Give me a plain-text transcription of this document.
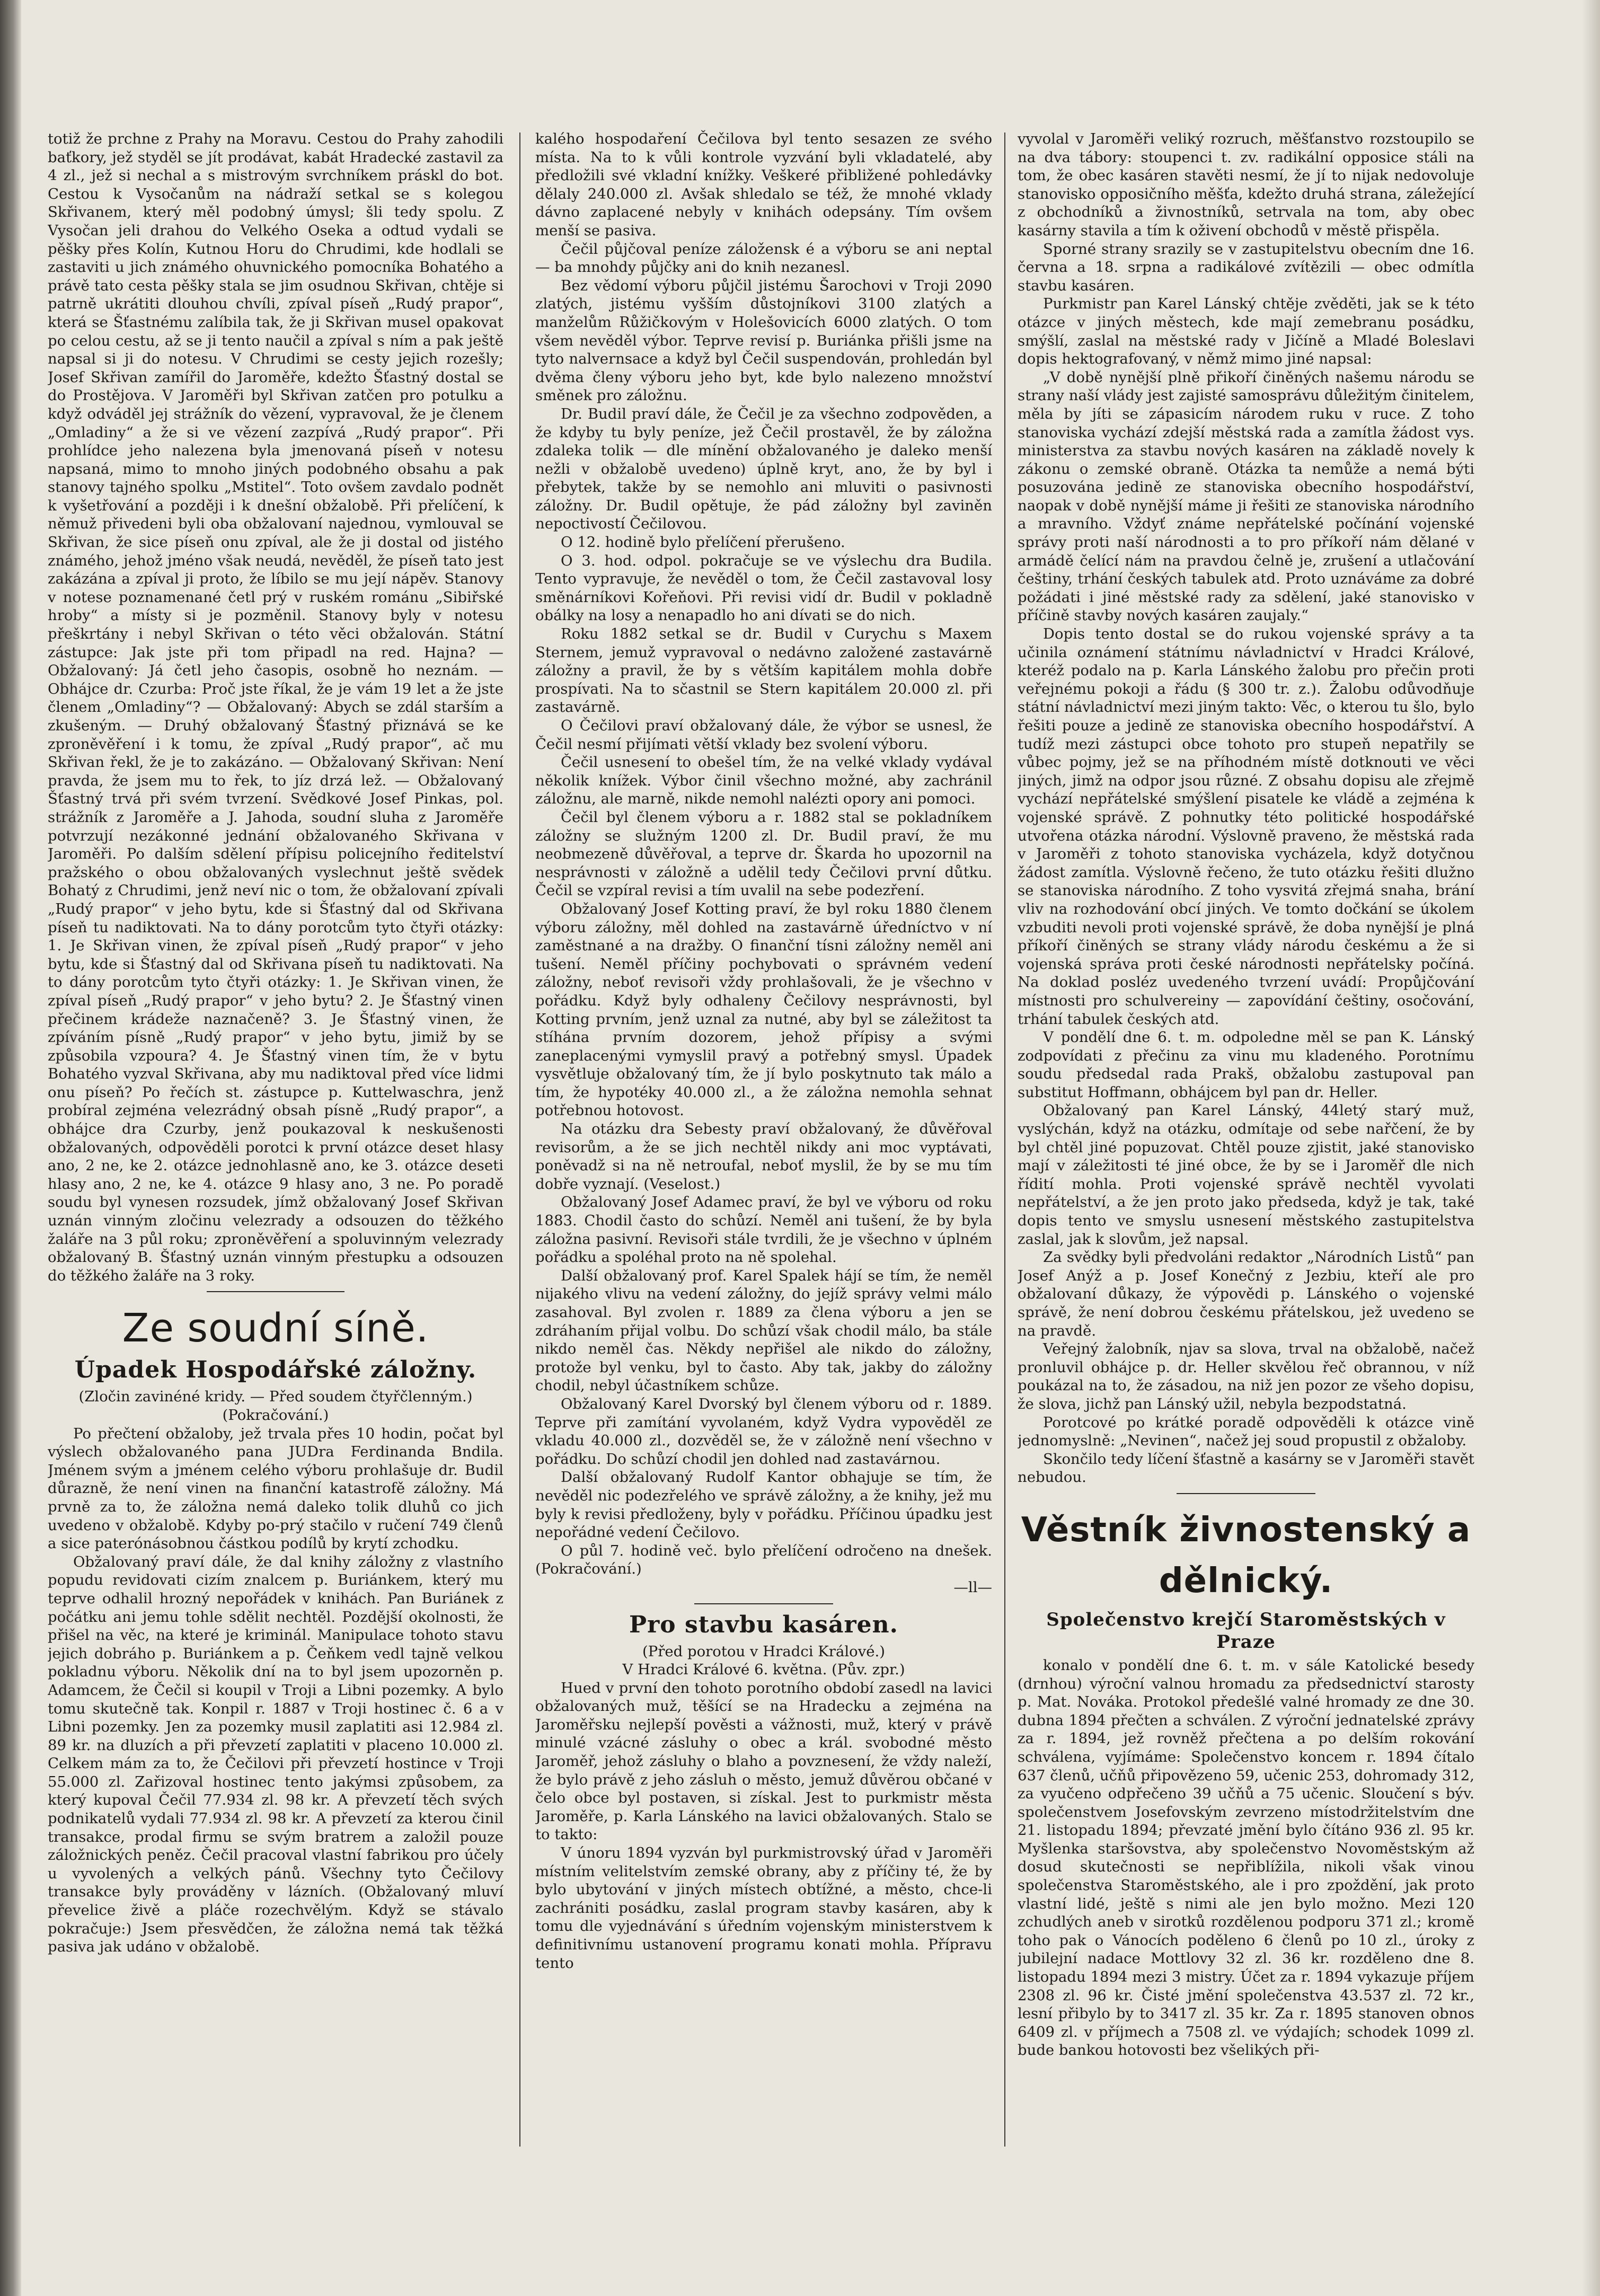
totiž že prchne z Prahy na Moravu. Cestou do Prahy zahodili baťkory, jež styděl se jít prodávat, kabát Hradecké zastavil za 4 zl., jež si nechal a s mistrovým svrchníkem práskl do bot. Cestou k Vysočanům na nádraží setkal se s kolegou Skřivanem, který měl podobný úmysl; šli tedy spolu. Z Vysočan jeli drahou do Velkého Oseka a odtud vydali se pěšky přes Kolín, Kutnou Horu do Chrudimi, kde hodlali se zastaviti u jich známého ohuvnického pomocníka Bohatého a právě tato cesta pěšky stala se jim osudnou Skřivan, chtěje si patrně ukrátiti dlouhou chvíli, zpíval píseň „Rudý prapor“, která se Šťastnému zalíbila tak, že ji Skřivan musel opakovat po celou cestu, až se ji tento naučil a zpíval s ním a pak ještě napsal si ji do notesu. V Chrudimi se cesty jejich rozešly; Josef Skřivan zamířil do Jaroměře, kdežto Šťastný dostal se do Prostějova. V Jaroměři byl Skřivan zatčen pro potulku a když odváděl jej strážník do vězení, vypravoval, že je členem „Omladiny“ a že si ve vězení zazpívá „Rudý prapor“. Při prohlídce jeho nalezena byla jmenovaná píseň v notesu napsaná, mimo to mnoho jiných podobného obsahu a pak stanovy tajného spolku „Mstitel“. Toto ovšem zavdalo podnět k vyšetřování a později i k dnešní obžalobě. Při přelíčení, k němuž přivedeni byli oba obžalovaní najednou, vymlouval se Skřivan, že sice píseň onu zpíval, ale že ji dostal od jistého známého, jehož jméno však neudá, nevěděl, že píseň tato jest zakázána a zpíval ji proto, že líbilo se mu její nápěv. Stanovy v notese poznamenané četl prý v ruském románu „Sibiřské hroby“ a místy si je pozměnil. Stanovy byly v notesu přeškrtány i nebyl Skřivan o této věci obžalován. Státní zástupce: Jak jste při tom připadl na red. Hajna? — Obžalovaný: Já četl jeho časopis, osobně ho neznám. — Obhájce dr. Czurba: Proč jste říkal, že je vám 19 let a že jste členem „Omladiny“? — Obžalovaný: Abych se zdál starším a zkušeným. — Druhý obžalovaný Šťastný přiznává se ke zproněvěření i k tomu, že zpíval „Rudý prapor“, ač mu Skřivan řekl, že je to zakázáno. — Obžalovaný Skřivan: Není pravda, že jsem mu to řek, to jíz drzá lež. — Obžalovaný Šťastný trvá při svém tvrzení. Svědkové Josef Pinkas, pol. strážník z Jaroměře a J. Jahoda, soudní sluha z Jaroměře potvrzují nezákonné jednání obžalovaného Skřivana v Jaroměři. Po dalším sdělení přípisu policejního ředitelství pražského o obou obžalovaných vyslechnut ještě svědek Bohatý z Chrudimi, jenž neví nic o tom, že obžalovaní zpívali „Rudý prapor“ v jeho bytu, kde si Šťastný dal od Skřivana píseň tu nadiktovati. Na to dány porotcům tyto čtyři otázky: 1. Je Skřivan vinen, že zpíval píseň „Rudý prapor“ v jeho bytu, kde si Šťastný dal od Skřivana píseň tu nadiktovati. Na to dány porotcům tyto čtyři otázky: 1. Je Skřivan vinen, že zpíval píseň „Rudý prapor“ v jeho bytu? 2. Je Šťastný vinen přečinem krádeže naznačeně? 3. Je Šťastný vinen, že zpíváním písně „Rudý prapor“ v jeho bytu, jimiž by se způsobila vzpoura? 4. Je Šťastný vinen tím, že v bytu Bohatého vyzval Skřivana, aby mu nadiktoval před více lidmi onu píseň? Po řečích st. zástupce p. Kuttelwaschra, jenž probíral zejména velezrádný obsah písně „Rudý prapor“, a obhájce dra Czurby, jenž poukazoval k neskušenosti obžalovaných, odpověděli porotci k první otázce deset hlasy ano, 2 ne, ke 2. otázce jednohlasně ano, ke 3. otázce deseti hlasy ano, 2 ne, ke 4. otázce 9 hlasy ano, 3 ne. Po poradě soudu byl vynesen rozsudek, jímž obžalovaný Josef Skřivan uznán vinným zločinu velezrady a odsouzen do těžkého žaláře na 3 půl roku; zproněvěření a spoluvinným velezrady obžalovaný B. Šťastný uznán vinným přestupku a odsouzen do těžkého žaláře na 3 roky.

Ze soudní síně.
Úpadek Hospodářské záložny.

(Zločin zavinéné kridy. — Před soudem čtyřčlenným.)

(Pokračování.)

Po přečtení obžaloby, jež trvala přes 10 hodin, počat byl výslech obžalovaného pana JUDra Ferdinanda Bndila. Jménem svým a jménem celého výboru prohlašuje dr. Budil důrazně, že není vinen na finanční katastrofě záložny. Má prvně za to, že záložna nemá daleko tolik dluhů co jich uvedeno v obžalobě. Kdyby po-prý stačilo v ručení 749 členů a sice paterónásobnou částkou podílů by krytí zchodku.

Obžalovaný praví dále, že dal knihy záložny z vlastního popudu revidovati cizím znalcem p. Buriánkem, který mu teprve odhalil hrozný nepořádek v knihách. Pan Buriánek z počátku ani jemu tohle sdělit nechtěl. Pozdější okolnosti, že přišel na věc, na které je kriminál. Manipulace tohoto stavu jejich dobráho p. Buriánkem a p. Čeňkem vedl tajně velkou pokladnu výboru. Několik dní na to byl jsem upozorněn p. Adamcem, že Čečil si koupil v Troji a Libni pozemky. A bylo tomu skutečně tak. Konpil r. 1887 v Troji hostinec č. 6 a v Libni pozemky. Jen za pozemky musil zaplatiti asi 12.984 zl. 89 kr. na dluzích a při převzetí zaplatiti v placeno 10.000 zl. Celkem mám za to, že Čečilovi při převzetí hostince v Troji 55.000 zl. Zařizoval hostinec tento jakýmsi způsobem, za který kupoval Čečil 77.934 zl. 98 kr. A převzetí těch svých podnikatelů vydali 77.934 zl. 98 kr. A převzetí za kterou činil transakce, prodal firmu se svým bratrem a založil pouze záložnických peněz. Čečil pracoval vlastní fabrikou pro účely u vyvolených a velkých pánů. Všechny tyto Čečilovy transakce byly prováděny v lázních. (Obžalovaný mluví převelice živě a pláče rozechvělým. Když se stávalo pokračuje:) Jsem přesvědčen, že záložna nemá tak těžká pasiva jak udáno v obžalobě.

kalého hospodaření Čečilova byl tento sesazen ze svého místa. Na to k vůli kontrole vyzvání byli vkladatelé, aby předložili své vkladní knížky. Veškeré přibližené pohledávky dělaly 240.000 zl. Avšak shledalo se též, že mnohé vklady dávno zaplacené nebyly v knihách odepsány. Tím ovšem menší se pasiva.

Čečil půjčoval peníze záložensk é a výboru se ani neptal — ba mnohdy půjčky ani do knih nezanesl.

Bez vědomí výboru půjčil jistému Šarochovi v Troji 2090 zlatých, jistému vyšším důstojníkovi 3100 zlatých a manželům Růžičkovým v Holešovicích 6000 zlatých. O tom všem nevěděl výbor. Teprve revisí p. Buriánka přišli jsme na tyto nalvernsace a když byl Čečil suspendován, prohledán byl dvěma členy výboru jeho byt, kde bylo nalezeno množství směnek pro záložnu.

Dr. Budil praví dále, že Čečil je za všechno zodpověden, a že kdyby tu byly peníze, jež Čečil prostavěl, že by záložna zdaleka tolik — dle mínění obžalovaného je daleko menší nežli v obžalobě uvedeno) úplně kryt, ano, že by byl i přebytek, takže by se nemohlo ani mluviti o pasivnosti záložny. Dr. Budil opětuje, že pád záložny byl zaviněn nepoctivostí Čečilovou.

O 12. hodině bylo přelíčení přerušeno.

O 3. hod. odpol. pokračuje se ve výslechu dra Budila. Tento vypravuje, že nevěděl o tom, že Čečil zastavoval losy směnárníkovi Kořeňovi. Při revisi vidí dr. Budil v pokladně obálky na losy a nenapadlo ho ani dívati se do nich.

Roku 1882 setkal se dr. Budil v Curychu s Maxem Sternem, jemuž vypravoval o nedávno založené zastavárně záložny a pravil, že by s větším kapitálem mohla dobře prospívati. Na to sčastnil se Stern kapitálem 20.000 zl. při zastavárně.

O Čečilovi praví obžalovaný dále, že výbor se usnesl, že Čečil nesmí přijímati větší vklady bez svolení výboru.

Čečil usnesení to obešel tím, že na velké vklady vydával několik knížek. Výbor činil všechno možné, aby zachránil záložnu, ale marně, nikde nemohl nalézti opory ani pomoci.

Čečil byl členem výboru a r. 1882 stal se pokladníkem záložny se služným 1200 zl. Dr. Budil praví, že mu neobmezeně důvěřoval, a teprve dr. Škarda ho upozornil na nesprávnosti v záložně a udělil tedy Čečilovi první důtku. Čečil se vzpíral revisi a tím uvalil na sebe podezření.

Obžalovaný Josef Kotting praví, že byl roku 1880 členem výboru záložny, měl dohled na zastavárně úředníctvo v ní zaměstnané a na dražby. O finanční tísni záložny neměl ani tušení. Neměl příčiny pochybovati o správném vedení záložny, neboť revisoři vždy prohlašovali, že je všechno v pořádku. Když byly odhaleny Čečilovy nesprávnosti, byl Kotting prvním, jenž uznal za nutné, aby byl se záležitost ta stíhána prvním dozorem, jehož přípisy a svými zaneplacenými vymyslil pravý a potřebný smysl. Úpadek vysvětluje obžalovaný tím, že jí bylo poskytnuto tak málo a tím, že hypotéky 40.000 zl., a že záložna nemohla sehnat potřebnou hotovost.

Na otázku dra Sebesty praví obžalovaný, že důvěřoval revisorům, a že se jich nechtěl nikdy ani moc vyptávati, poněvadž si na ně netroufal, neboť myslil, že by se mu tím dobře vyznají. (Veselost.)

Obžalovaný Josef Adamec praví, že byl ve výboru od roku 1883. Chodil často do schůzí. Neměl ani tušení, že by byla záložna pasivní. Revisoři stále tvrdili, že je všechno v úplném pořádku a spoléhal proto na ně spolehal.

Další obžalovaný prof. Karel Spalek hájí se tím, že neměl nijakého vlivu na vedení záložny, do jejíž správy velmi málo zasahoval. Byl zvolen r. 1889 za člena výboru a jen se zdráhaním přijal volbu. Do schůzí však chodil málo, ba stále nikdo neměl čas. Někdy nepřišel ale nikdo do záložny, protože byl venku, byl to často. Aby tak, jakby do záložny chodil, nebyl účastníkem schůze.

Obžalovaný Karel Dvorský byl členem výboru od r. 1889. Teprve při zamítání vyvolaném, když Vydra vypověděl ze vkladu 40.000 zl., dozvěděl se, že v záložně není všechno v pořádku. Do schůzí chodil jen dohled nad zastavárnou.

Další obžalovaný Rudolf Kantor obhajuje se tím, že nevěděl nic podezřelého ve správě záložny, a že knihy, jež mu byly k revisi předloženy, byly v pořádku. Příčinou úpadku jest nepořádné vedení Čečilovo.

O půl 7. hodině več. bylo přelíčení odročeno na dnešek. (Pokračování.)

—ll—

Pro stavbu kasáren.

(Před porotou v Hradci Králové.)

V Hradci Králové 6. května. (Pův. zpr.)

Hued v první den tohoto porotního období zasedl na lavici obžalovaných muž, těšící se na Hradecku a zejména na Jaroměřsku nejlepší pověsti a vážnosti, muž, který v právě minulé vzácné zásluhy o obec a král. svobodné město Jaroměř, jehož zásluhy o blaho a povznesení, že vždy naleží, že bylo právě z jeho zásluh o město, jemuž důvěrou občané v čelo obce byl postaven, si získal. Jest to purkmistr města Jaroměře, p. Karla Lánského na lavici obžalovaných. Stalo se to takto:

V únoru 1894 vyzván byl purkmistrovský úřad v Jaroměři místním velitelstvím zemské obrany, aby z příčiny té, že by bylo ubytování v jiných místech obtížné, a město, chce-li zachrániti posádku, zaslal program stavby kasáren, aby k tomu dle vyjednávání s úředním vojenským ministerstvem k definitivnímu ustanovení programu konati mohla. Přípravu tento

vyvolal v Jaroměři veliký rozruch, měšťanstvo rozstoupilo se na dva tábory: stoupenci t. zv. radikální opposice stáli na tom, že obec kasáren stavěti nesmí, že jí to nijak nedovoluje stanovisko opposičního měšťa, kdežto druhá strana, záležející z obchodníků a živnostníků, setrvala na tom, aby obec kasárny stavila a tím k oživení obchodů v městě přispěla.

Sporné strany srazily se v zastupitelstvu obecním dne 16. června a 18. srpna a radikálové zvítězili — obec odmítla stavbu kasáren.

Purkmistr pan Karel Lánský chtěje zvěděti, jak se k této otázce v jiných městech, kde mají zemebranu posádku, smýšlí, zaslal na městské rady v Jičíně a Mladé Boleslavi dopis hektografovaný, v němž mimo jiné napsal:

„V době nynější plně přikoří činěných našemu národu se strany naší vlády jest zajisté samosprávu důležitým činitelem, měla by jíti se zápasicím národem ruku v ruce. Z toho stanoviska vychází zdejší městská rada a zamítla žádost vys. ministerstva za stavbu nových kasáren na základě novely k zákonu o zemské obraně. Otázka ta nemůže a nemá býti posuzována jedině ze stanoviska obecního hospodářství, naopak v době nynější máme ji řešiti ze stanoviska národního a mravního. Vždyť známe nepřátelské počínání vojenské správy proti naší národnosti a to pro příkoří nám dělané v armádě čelící nám na pravdou čelně je, zrušení a utlačování češtiny, trhání českých tabulek atd. Proto uznáváme za dobré požádati i jiné městské rady za sdělení, jaké stanovisko v příčině stavby nových kasáren zaujaly.“

Dopis tento dostal se do rukou vojenské správy a ta učinila oznámení státnímu návladnictví v Hradci Králové, kteréž podalo na p. Karla Lánského žalobu pro přečin proti veřejnému pokoji a řádu (§ 300 tr. z.). Žalobu odůvodňuje státní návladnictví mezi jiným takto: Věc, o kterou tu šlo, bylo řešiti pouze a jedině ze stanoviska obecního hospodářství. A tudíž mezi zástupci obce tohoto pro stupeň nepatřily se vůbec pojmy, jež se na příhodném místě dotknouti ve věci jiných, jimž na odpor jsou různé. Z obsahu dopisu ale zřejmě vychází nepřátelské smýšlení pisatele ke vládě a zejména k vojenské správě. Z pohnutky této politické hospodářské utvořena otázka národní. Výslovně praveno, že městská rada v Jaroměři z tohoto stanoviska vycházela, když dotyčnou žádost zamítla. Výslovně řečeno, že tuto otázku řešiti dlužno se stanoviska národního. Z toho vysvitá zřejmá snaha, brání vliv na rozhodování obcí jiných. Ve tomto dočkání se úkolem vzbuditi nevoli proti vojenské správě, že doba nynější je plná příkoří činěných se strany vlády národu českému a že si vojenská správa proti české národnosti nepřátelsky počíná. Na doklad posléz uvedeného tvrzení uvádí: Propůjčování místnosti pro schulvereiny — zapovídání češtiny, osočování, trhání tabulek českých atd.

V pondělí dne 6. t. m. odpoledne měl se pan K. Lánský zodpovídati z přečinu za vinu mu kladeného. Porotnímu soudu předsedal rada Prakš, obžalobu zastupoval pan substitut Hoffmann, obhájcem byl pan dr. Heller.

Obžalovaný pan Karel Lánský, 44letý starý muž, vyslýchán, když na otázku, odmítaje od sebe nařčení, že by byl chtěl jiné popuzovat. Chtěl pouze zjistit, jaké stanovisko mají v záležitosti té jiné obce, že by se i Jaroměř dle nich řídití mohla. Proti vojenské správě nechtěl vyvolati nepřátelství, a že jen proto jako předseda, když je tak, také dopis tento ve smyslu usnesení městského zastupitelstva zaslal, jak k slovům, jež napsal.

Za svědky byli předvoláni redaktor „Národních Listů“ pan Josef Anýž a p. Josef Konečný z Jezbiu, kteří ale pro obžalovaní důkazy, že výpovědi p. Lánského o vojenské správě, že není dobrou českému přátelskou, jež uvedeno se na pravdě.

Veřejný žalobník, njav sa slova, trval na obžalobě, načež pronluvil obhájce p. dr. Heller skvělou řeč obrannou, v níž poukázal na to, že zásadou, na niž jen pozor ze všeho dopisu, že slova, jichž pan Lánský užil, nebyla bezpodstatná.

Porotcové po krátké poradě odpověděli k otázce vině jednomyslně: „Nevinen“, načež jej soud propustil z obžaloby.

Skončilo tedy líčení šťastně a kasárny se v Jaroměři stavět nebudou.

Věstník živnostenský a dělnický.
Společenstvo krejčí Staroměstských v Praze

konalo v pondělí dne 6. t. m. v sále Katolické besedy (drnhou) výroční valnou hromadu za předsednictví starosty p. Mat. Nováka. Protokol předešlé valné hromady ze dne 30. dubna 1894 přečten a schválen. Z výroční jednatelské zprávy za r. 1894, jež rovněž přečtena a po delším rokování schválena, vyjímáme: Společenstvo koncem r. 1894 čítalo 637 členů, učňů připovězeno 59, učenic 253, dohromady 312, za vyučeno odpřečeno 39 učňů a 75 učenic. Sloučení s býv. společenstvem Josefovským zevrzeno místodržitelstvím dne 21. listopadu 1894; převzaté jmění bylo čítáno 936 zl. 95 kr. Myšlenka staršovstva, aby společenstvo Novoměstským až dosud skutečnosti se nepřiblížila, nikoli však vinou společenstva Staroměstského, ale i pro zpoždění, jak proto vlastní lidé, ještě s nimi ale jen bylo možno. Mezi 120 zchudlých aneb v sirotků rozdělenou podporu 371 zl.; kromě toho pak o Vánocích poděleno 6 členů po 10 zl., úroky z jubilejní nadace Mottlovy 32 zl. 36 kr. rozděleno dne 8. listopadu 1894 mezi 3 mistry. Účet za r. 1894 vykazuje příjem 2308 zl. 96 kr. Čisté jmění společenstva 43.537 zl. 72 kr., lesní přibylo by to 3417 zl. 35 kr. Za r. 1895 stanoven obnos 6409 zl. v příjmech a 7508 zl. ve výdajích; schodek 1099 zl. bude bankou hotovosti bez všelikých při-
